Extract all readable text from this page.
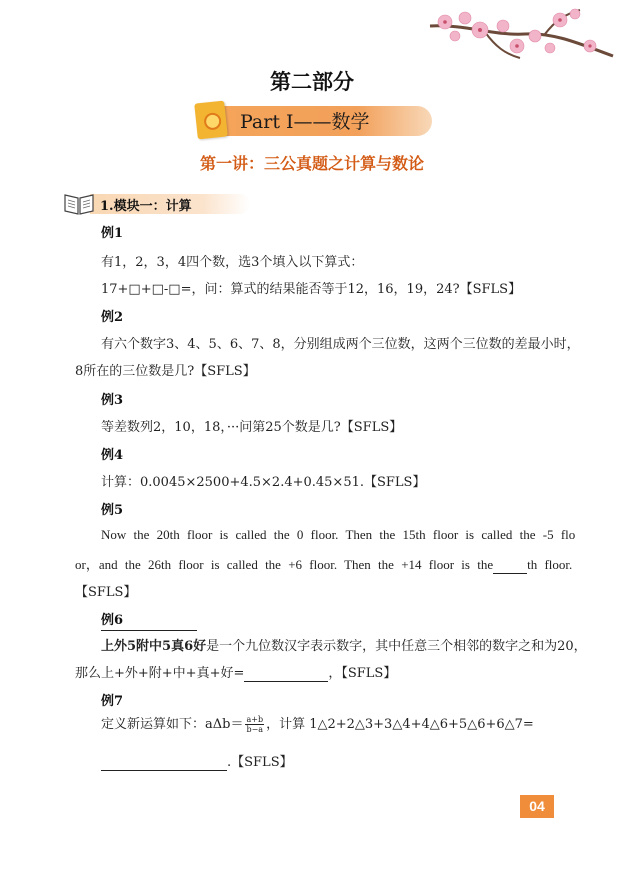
第二部分
Part I——数学
第一讲：三公真题之计算与数论
1.模块一：计算
例1
有1，2，3，4四个数，选3个填入以下算式：
17+□+□-□=，问：算式的结果能否等于12，16，19，24?【SFLS】
例2
有六个数字3、4、5、6、7、8，分别组成两个三位数，这两个三位数的差最小时，
8所在的三位数是几?【SFLS】
例3
等差数列2，10，18，···问第25个数是几?【SFLS】
例4
计算：0.0045×2500+4.5×2.4+0.45×51.【SFLS】
例5
Now the 20th floor is called the 0 floor. Then the 15th floor is called the -5 flo
or，and the 26th floor is called the +6 floor. Then the +14 floor is the	th floor.
【SFLS】
例6
上外5附中5真6好是一个九位数汉字表示数字，其中任意三个相邻的数字之和为20，
那么上+外+附+中+真+好=	，【SFLS】
例7
定义新运算如下：$a\Delta b= \frac{a+b}{b-a}$ ，计算 1△2+2△3+3△4+4△6+5△6+6△7=
.【SFLS】
04
